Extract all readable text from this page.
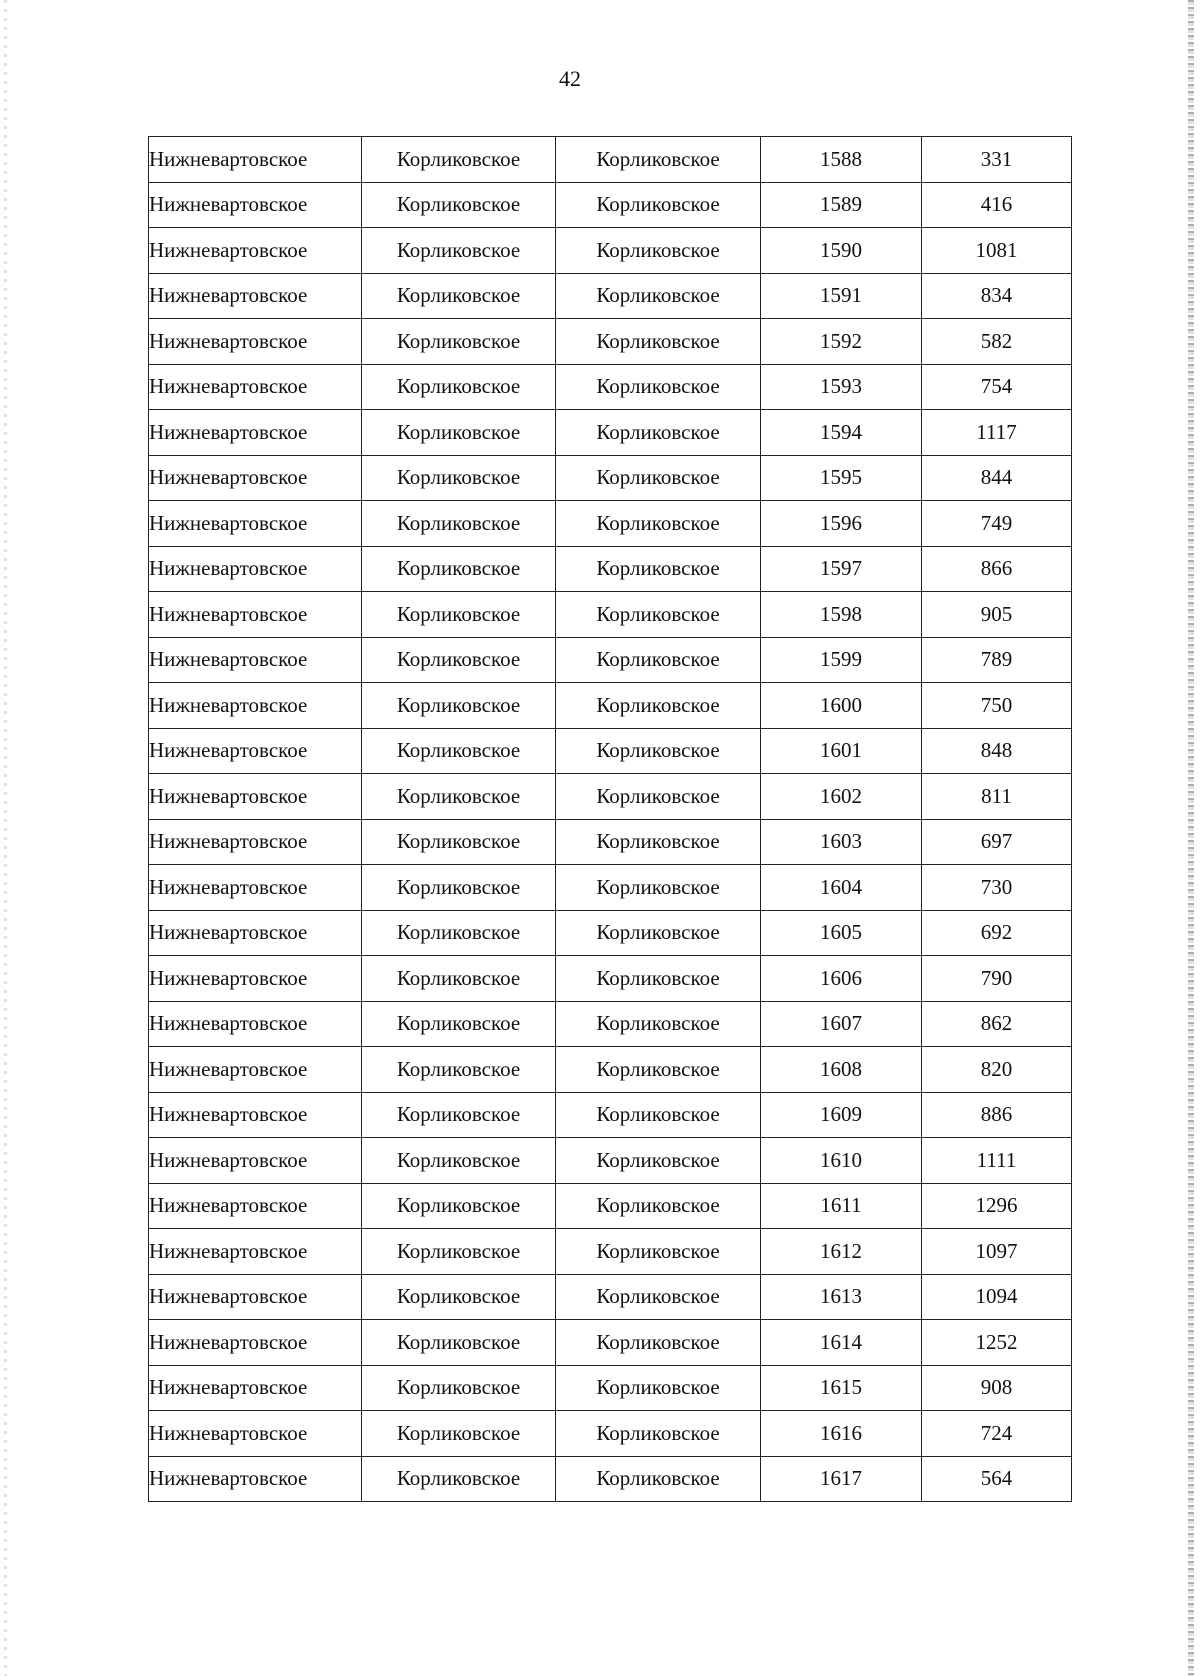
42
Нижневартовское	Корликовское	Корликовское	1588	331
Нижневартовское	Корликовское	Корликовское	1589	416
Нижневартовское	Корликовское	Корликовское	1590	1081
Нижневартовское	Корликовское	Корликовское	1591	834
Нижневартовское	Корликовское	Корликовское	1592	582
Нижневартовское	Корликовское	Корликовское	1593	754
Нижневартовское	Корликовское	Корликовское	1594	1117
Нижневартовское	Корликовское	Корликовское	1595	844
Нижневартовское	Корликовское	Корликовское	1596	749
Нижневартовское	Корликовское	Корликовское	1597	866
Нижневартовское	Корликовское	Корликовское	1598	905
Нижневартовское	Корликовское	Корликовское	1599	789
Нижневартовское	Корликовское	Корликовское	1600	750
Нижневартовское	Корликовское	Корликовское	1601	848
Нижневартовское	Корликовское	Корликовское	1602	811
Нижневартовское	Корликовское	Корликовское	1603	697
Нижневартовское	Корликовское	Корликовское	1604	730
Нижневартовское	Корликовское	Корликовское	1605	692
Нижневартовское	Корликовское	Корликовское	1606	790
Нижневартовское	Корликовское	Корликовское	1607	862
Нижневартовское	Корликовское	Корликовское	1608	820
Нижневартовское	Корликовское	Корликовское	1609	886
Нижневартовское	Корликовское	Корликовское	1610	1111
Нижневартовское	Корликовское	Корликовское	1611	1296
Нижневартовское	Корликовское	Корликовское	1612	1097
Нижневартовское	Корликовское	Корликовское	1613	1094
Нижневартовское	Корликовское	Корликовское	1614	1252
Нижневартовское	Корликовское	Корликовское	1615	908
Нижневартовское	Корликовское	Корликовское	1616	724
Нижневартовское	Корликовское	Корликовское	1617	564
